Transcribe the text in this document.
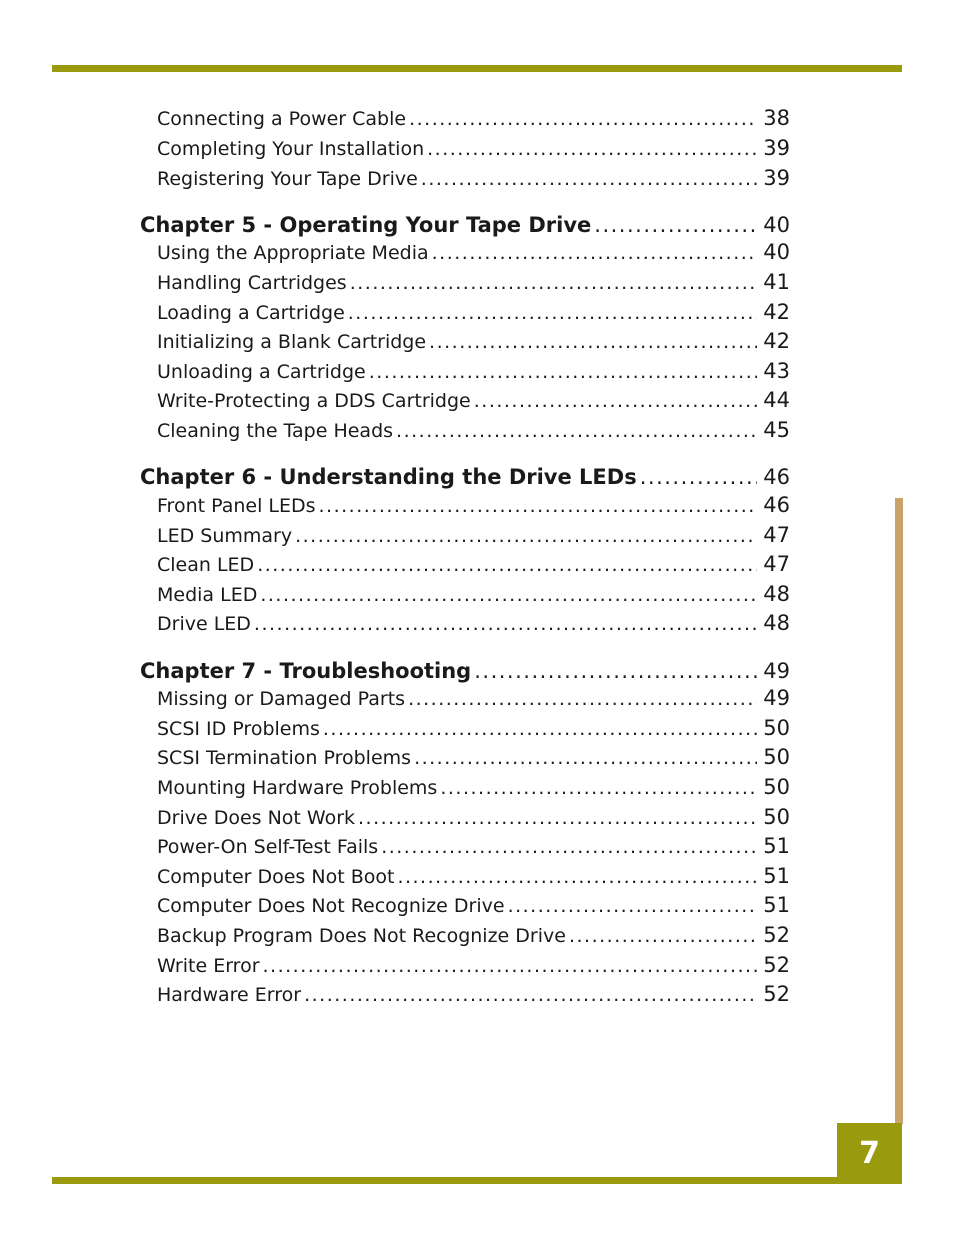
Connecting a Power Cable .....	38
Completing Your Installation .....	39
Registering Your Tape Drive .....	39
Chapter 5 - Operating Your Tape Drive .....	40
Using the Appropriate Media .....	40
Handling Cartridges .....	41
Loading a Cartridge .....	42
Initializing a Blank Cartridge .....	42
Unloading a Cartridge .....	43
Write-Protecting a DDS Cartridge .....	44
Cleaning the Tape Heads .....	45
Chapter 6 - Understanding the Drive LEDs .....	46
Front Panel LEDs .....	46
LED Summary .....	47
Clean LED .....	47
Media LED .....	48
Drive LED .....	48
Chapter 7 - Troubleshooting .....	49
Missing or Damaged Parts .....	49
SCSI ID Problems .....	50
SCSI Termination Problems .....	50
Mounting Hardware Problems .....	50
Drive Does Not Work .....	50
Power-On Self-Test Fails .....	51
Computer Does Not Boot .....	51
Computer Does Not Recognize Drive .....	51
Backup Program Does Not Recognize Drive .....	52
Write Error .....	52
Hardware Error .....	52
7
